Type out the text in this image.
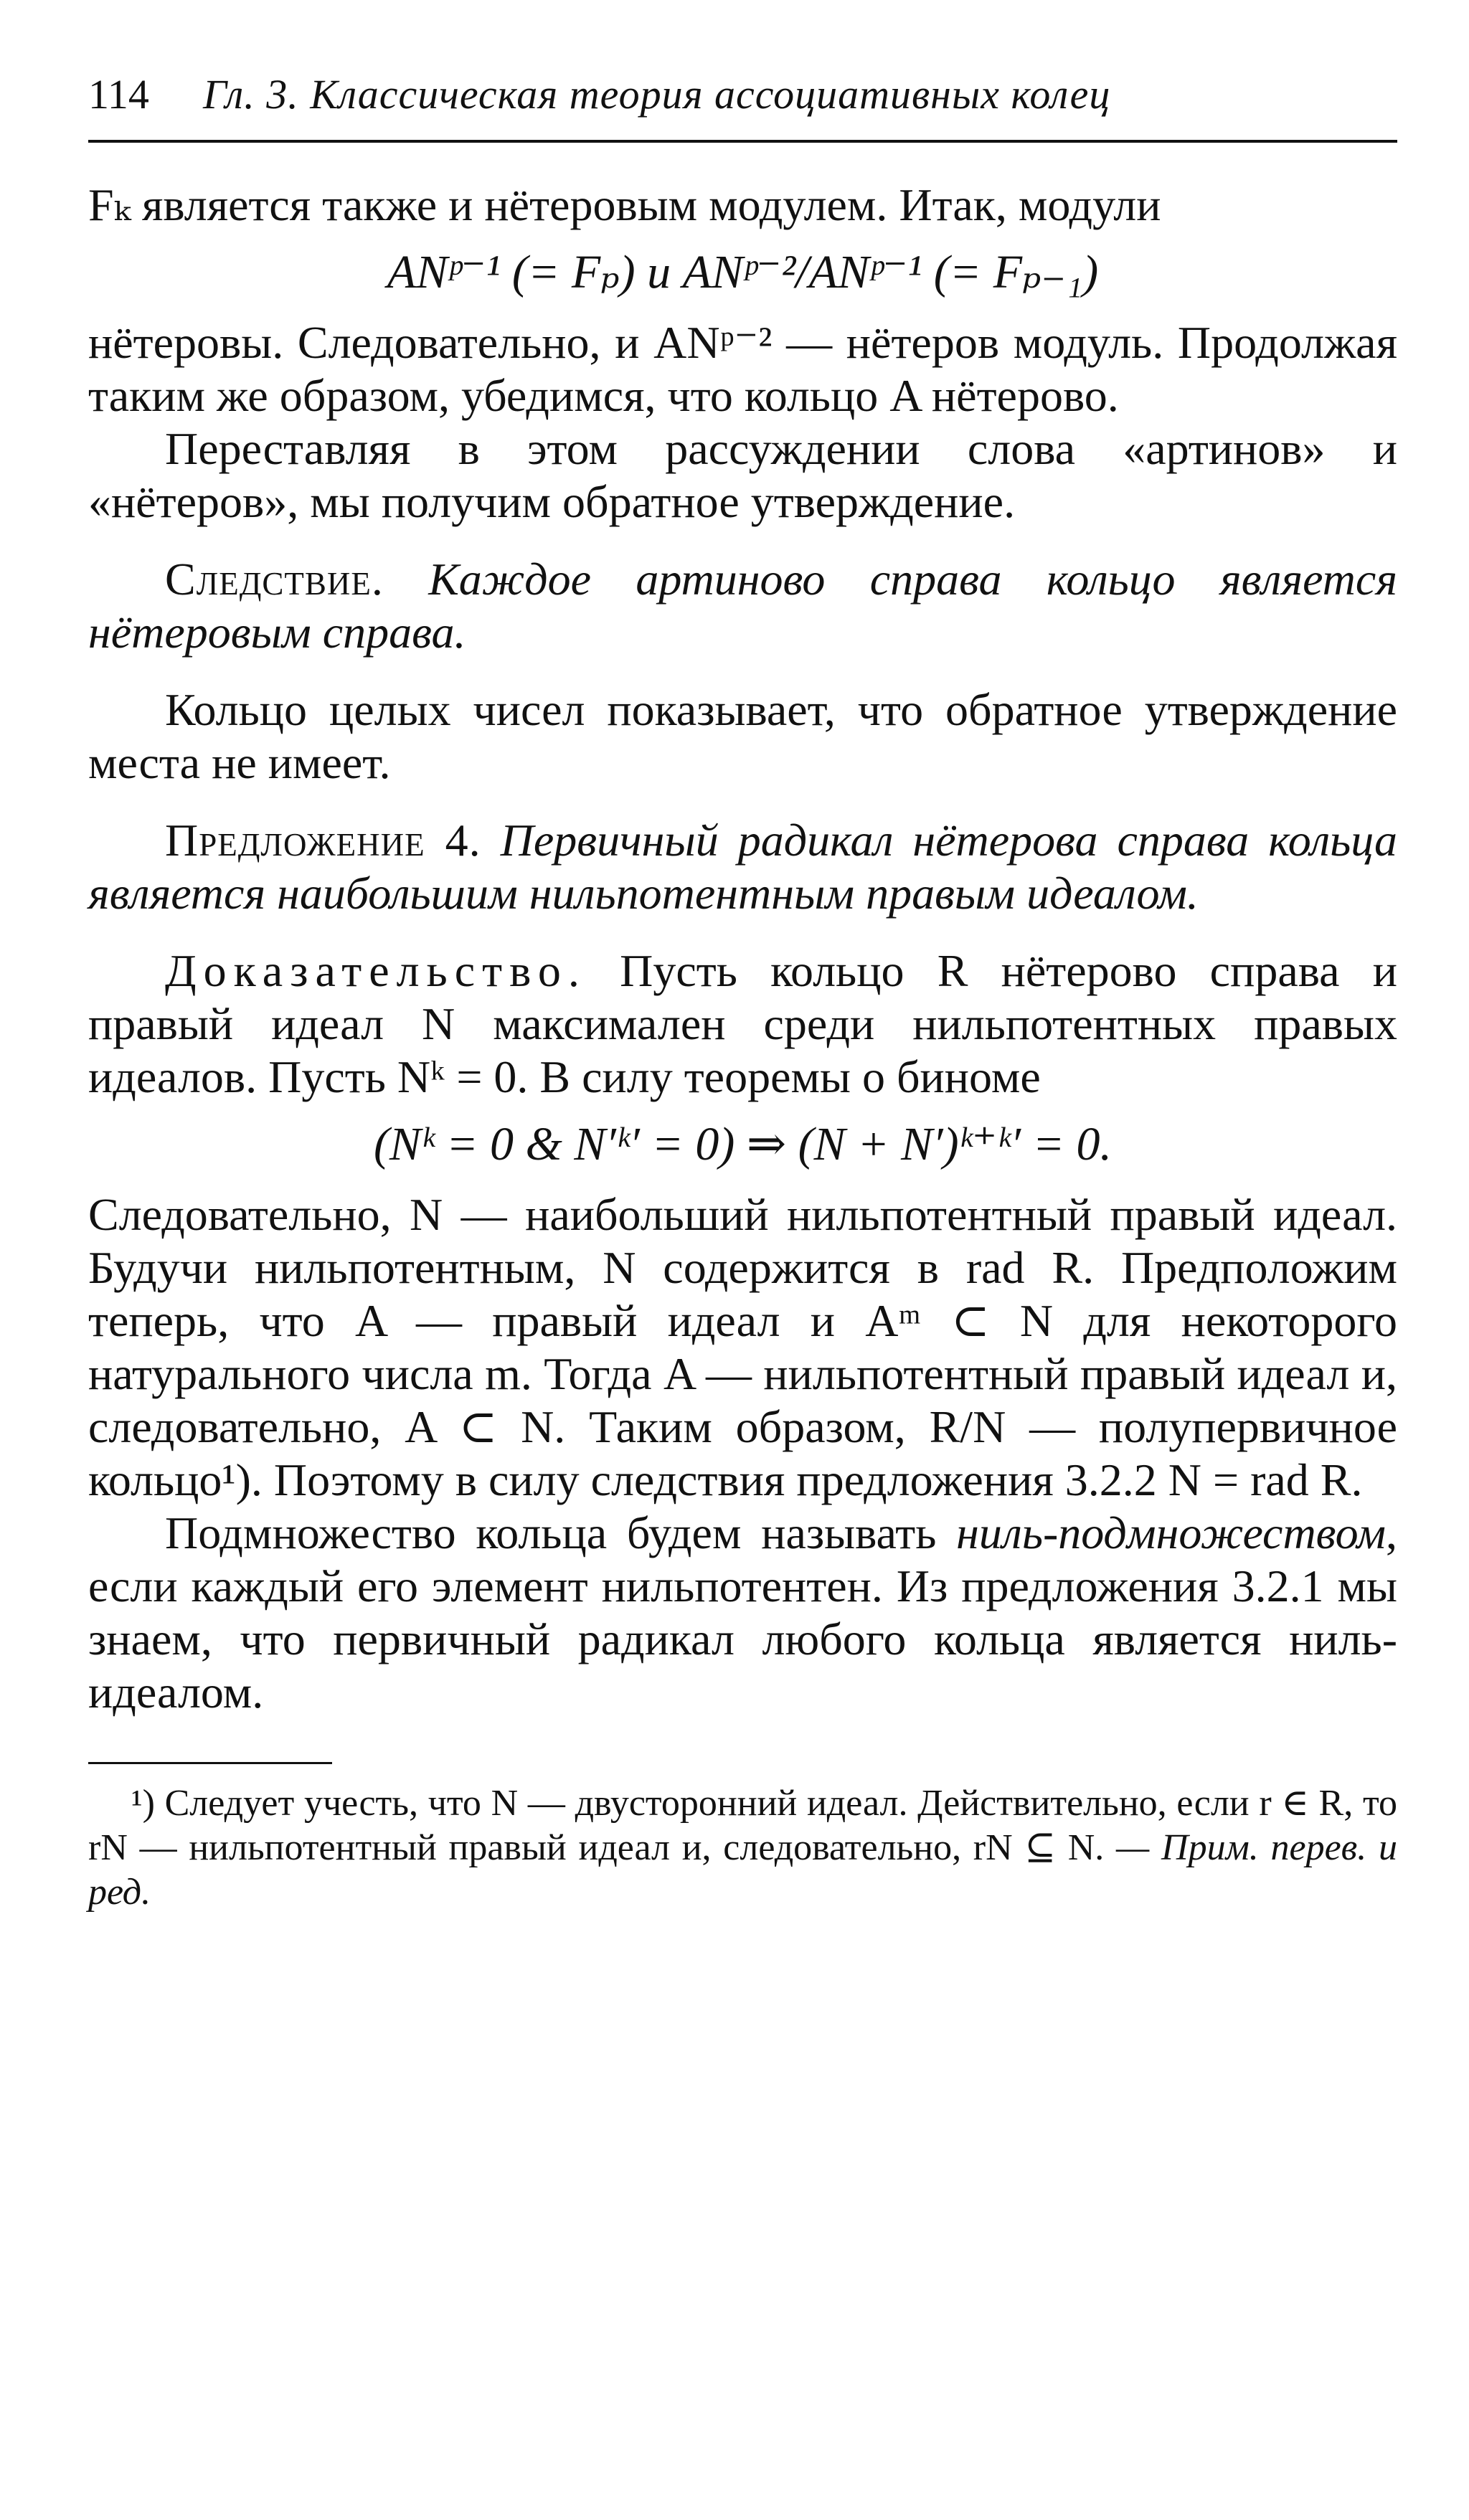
114	Гл. 3. Классическая теория ассоциативных колец

Fₖ является также и нётеровым модулем. Итак, модули

ANᵖ⁻¹ (= Fₚ) и ANᵖ⁻²/ANᵖ⁻¹ (= Fₚ₋₁)

нётеровы. Следовательно, и ANᵖ⁻² — нётеров модуль. Продолжая таким же образом, убедимся, что кольцо A нётерово.

Переставляя в этом рассуждении слова «артинов» и «нётеров», мы получим обратное утверждение.

Следствие. Каждое артиново справа кольцо является нётеровым справа.

Кольцо целых чисел показывает, что обратное утверждение места не имеет.

Предложение 4. Первичный радикал нётерова справа кольца является наибольшим нильпотентным правым идеалом.

Доказательство. Пусть кольцо R нётерово справа и правый идеал N максимален среди нильпотентных правых идеалов. Пусть Nᵏ = 0. В силу теоремы о биноме

(Nᵏ = 0 & N′ᵏ′ = 0) ⇒ (N + N′)ᵏ⁺ᵏ′ = 0.

Следовательно, N — наибольший нильпотентный правый идеал. Будучи нильпотентным, N содержится в rad R. Предположим теперь, что A — правый идеал и Aᵐ ⊂ N для некоторого натурального числа m. Тогда A — нильпотентный правый идеал и, следовательно, A ⊂ N. Таким образом, R/N — полупервичное кольцо¹). Поэтому в силу следствия предложения 3.2.2 N = rad R.

Подмножество кольца будем называть ниль-подмножеством, если каждый его элемент нильпотентен. Из предложения 3.2.1 мы знаем, что первичный радикал любого кольца является ниль-идеалом.

¹) Следует учесть, что N — двусторонний идеал. Действительно, если r ∈ R, то rN — нильпотентный правый идеал и, следовательно, rN ⊆ N. — Прим. перев. и ред.
